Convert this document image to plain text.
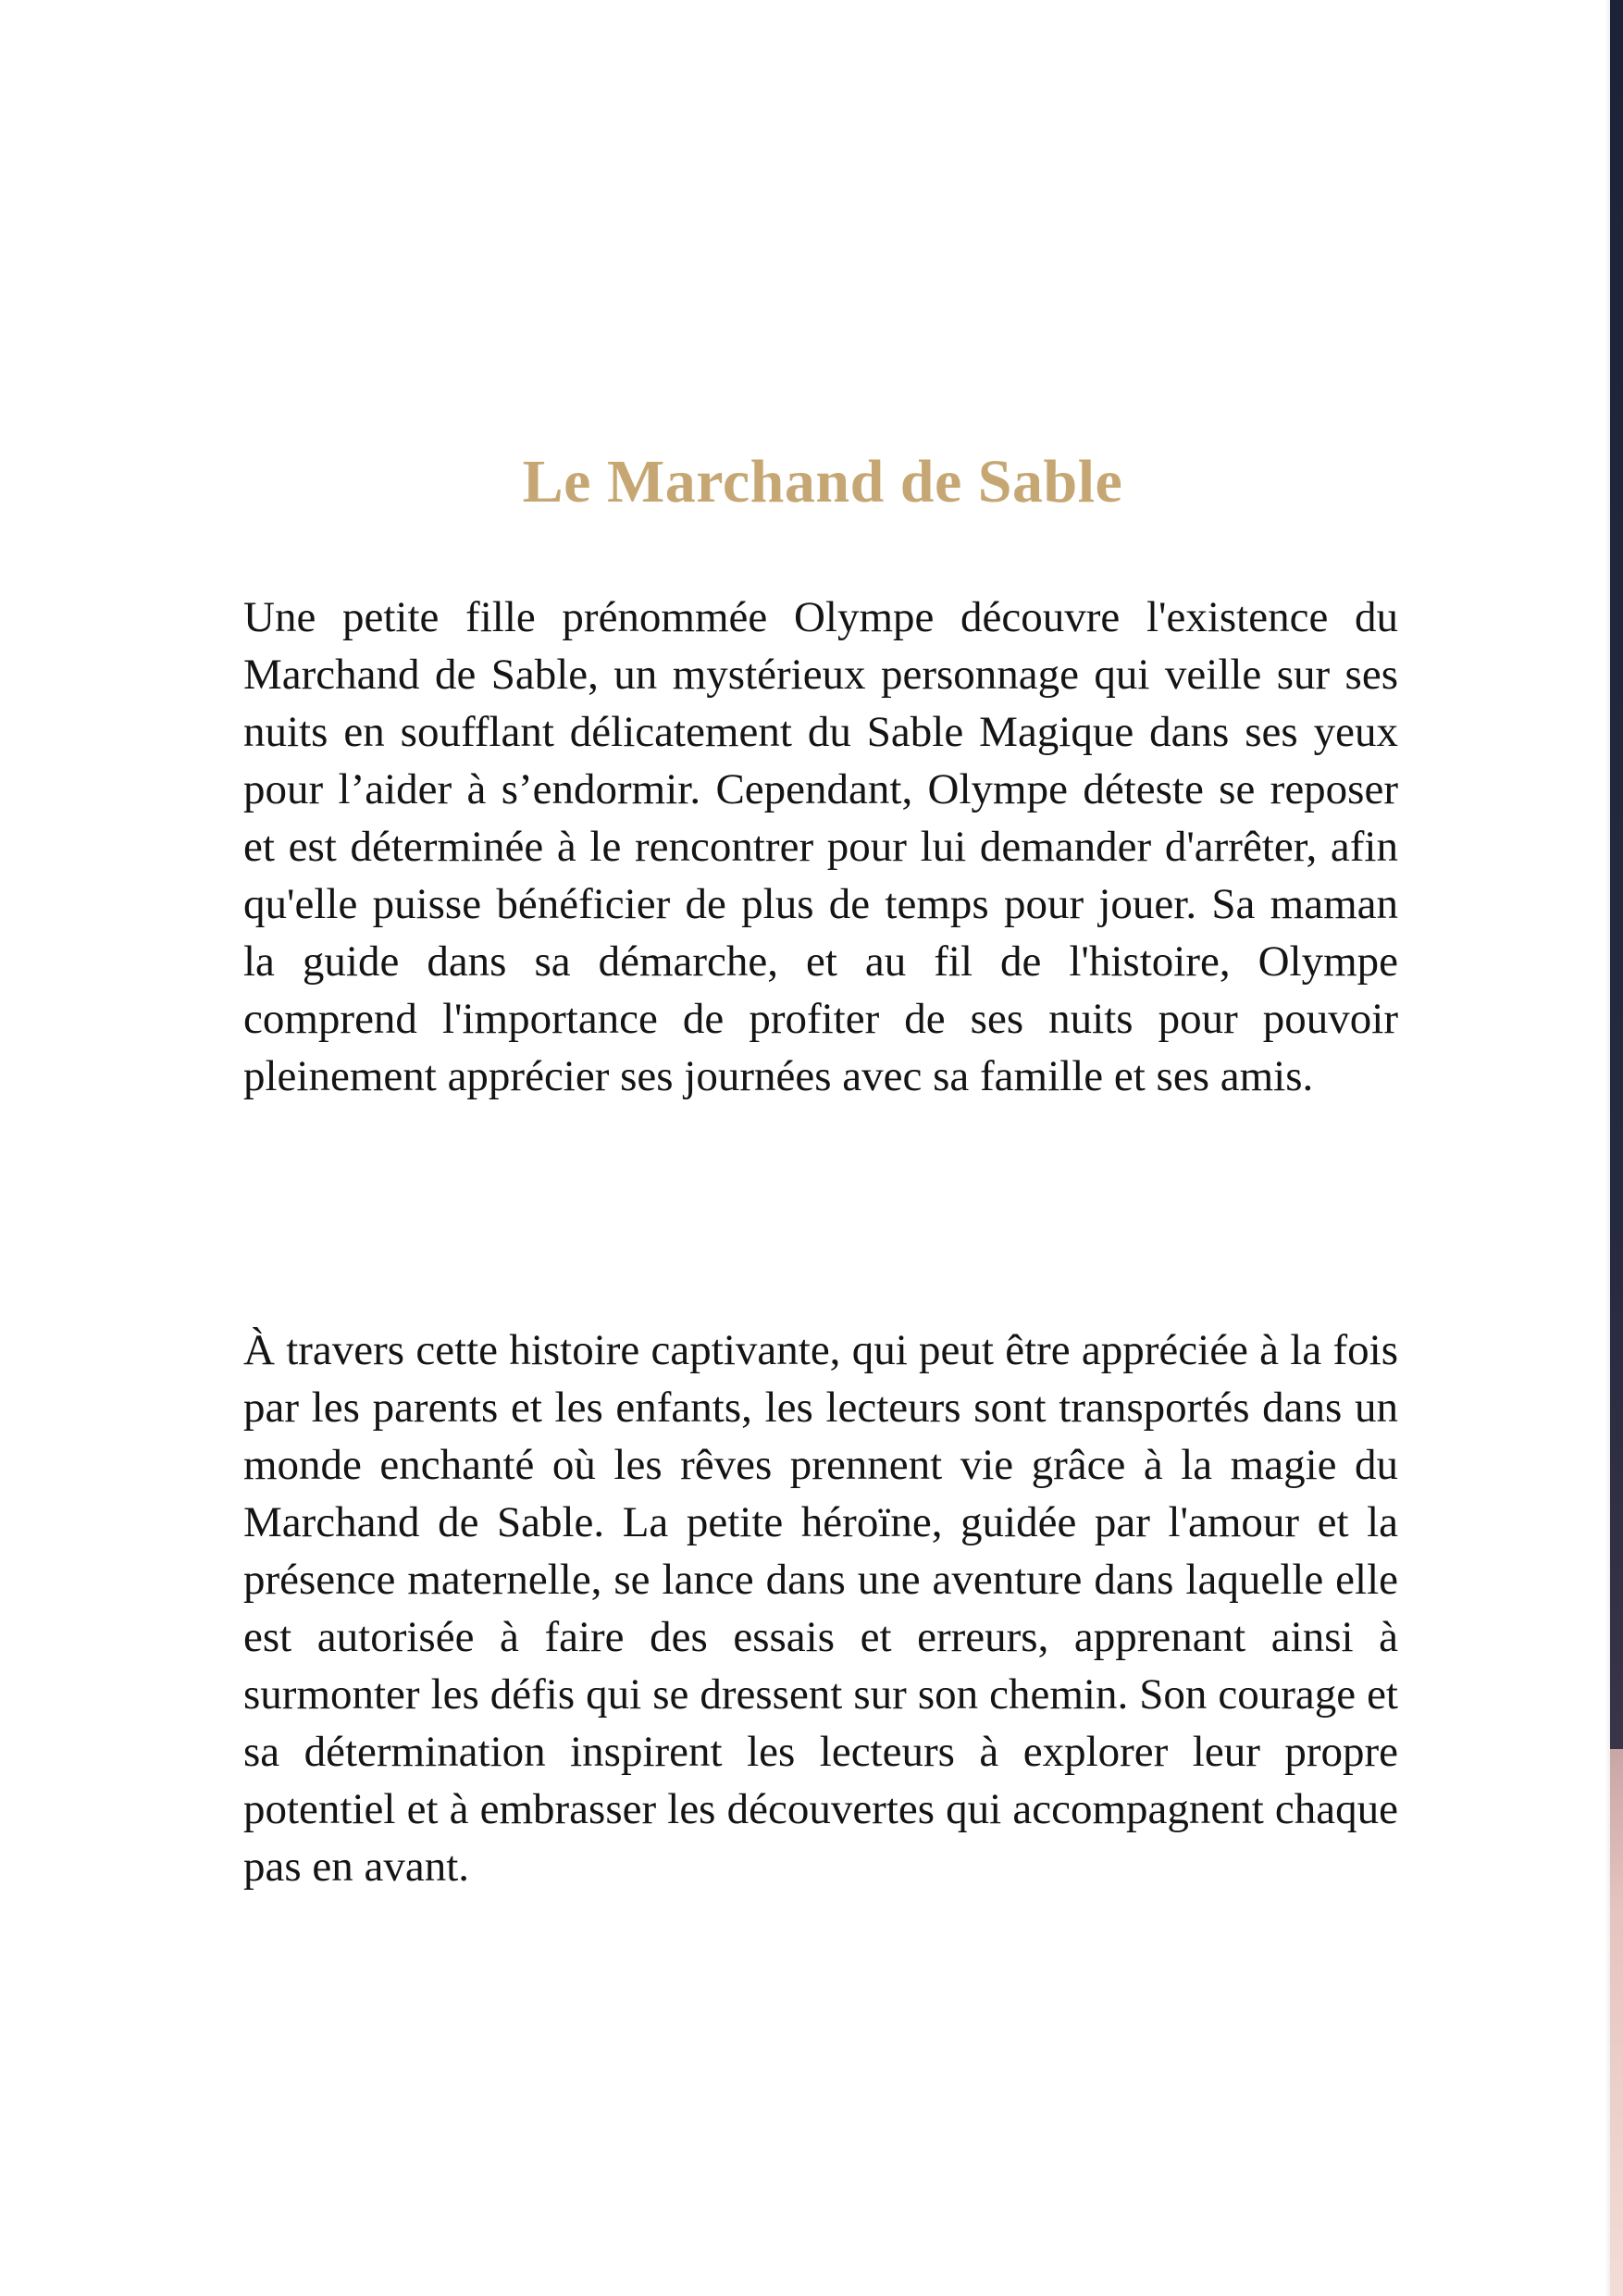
Le Marchand de Sable

Une petite fille prénommée Olympe découvre l'existence du Marchand de Sable, un mystérieux personnage qui veille sur ses nuits en soufflant délicatement du Sable Magique dans ses yeux pour l’aider à s’endormir. Cependant, Olympe déteste se reposer et est déterminée à le rencontrer pour lui demander d'arrêter, afin qu'elle puisse bénéficier de plus de temps pour jouer. Sa maman la guide dans sa démarche, et au fil de l'histoire, Olympe comprend l'importance de profiter de ses nuits pour pouvoir pleinement apprécier ses journées avec sa famille et ses amis.

À travers cette histoire captivante, qui peut être appréciée à la fois par les parents et les enfants, les lecteurs sont transportés dans un monde enchanté où les rêves prennent vie grâce à la magie du Marchand de Sable. La petite héroïne, guidée par l'amour et la présence maternelle, se lance dans une aventure dans laquelle elle est autorisée à faire des essais et erreurs, apprenant ainsi à surmonter les défis qui se dressent sur son chemin. Son courage et sa détermination inspirent les lecteurs à explorer leur propre potentiel et à embrasser les découvertes qui accompagnent chaque pas en avant.
